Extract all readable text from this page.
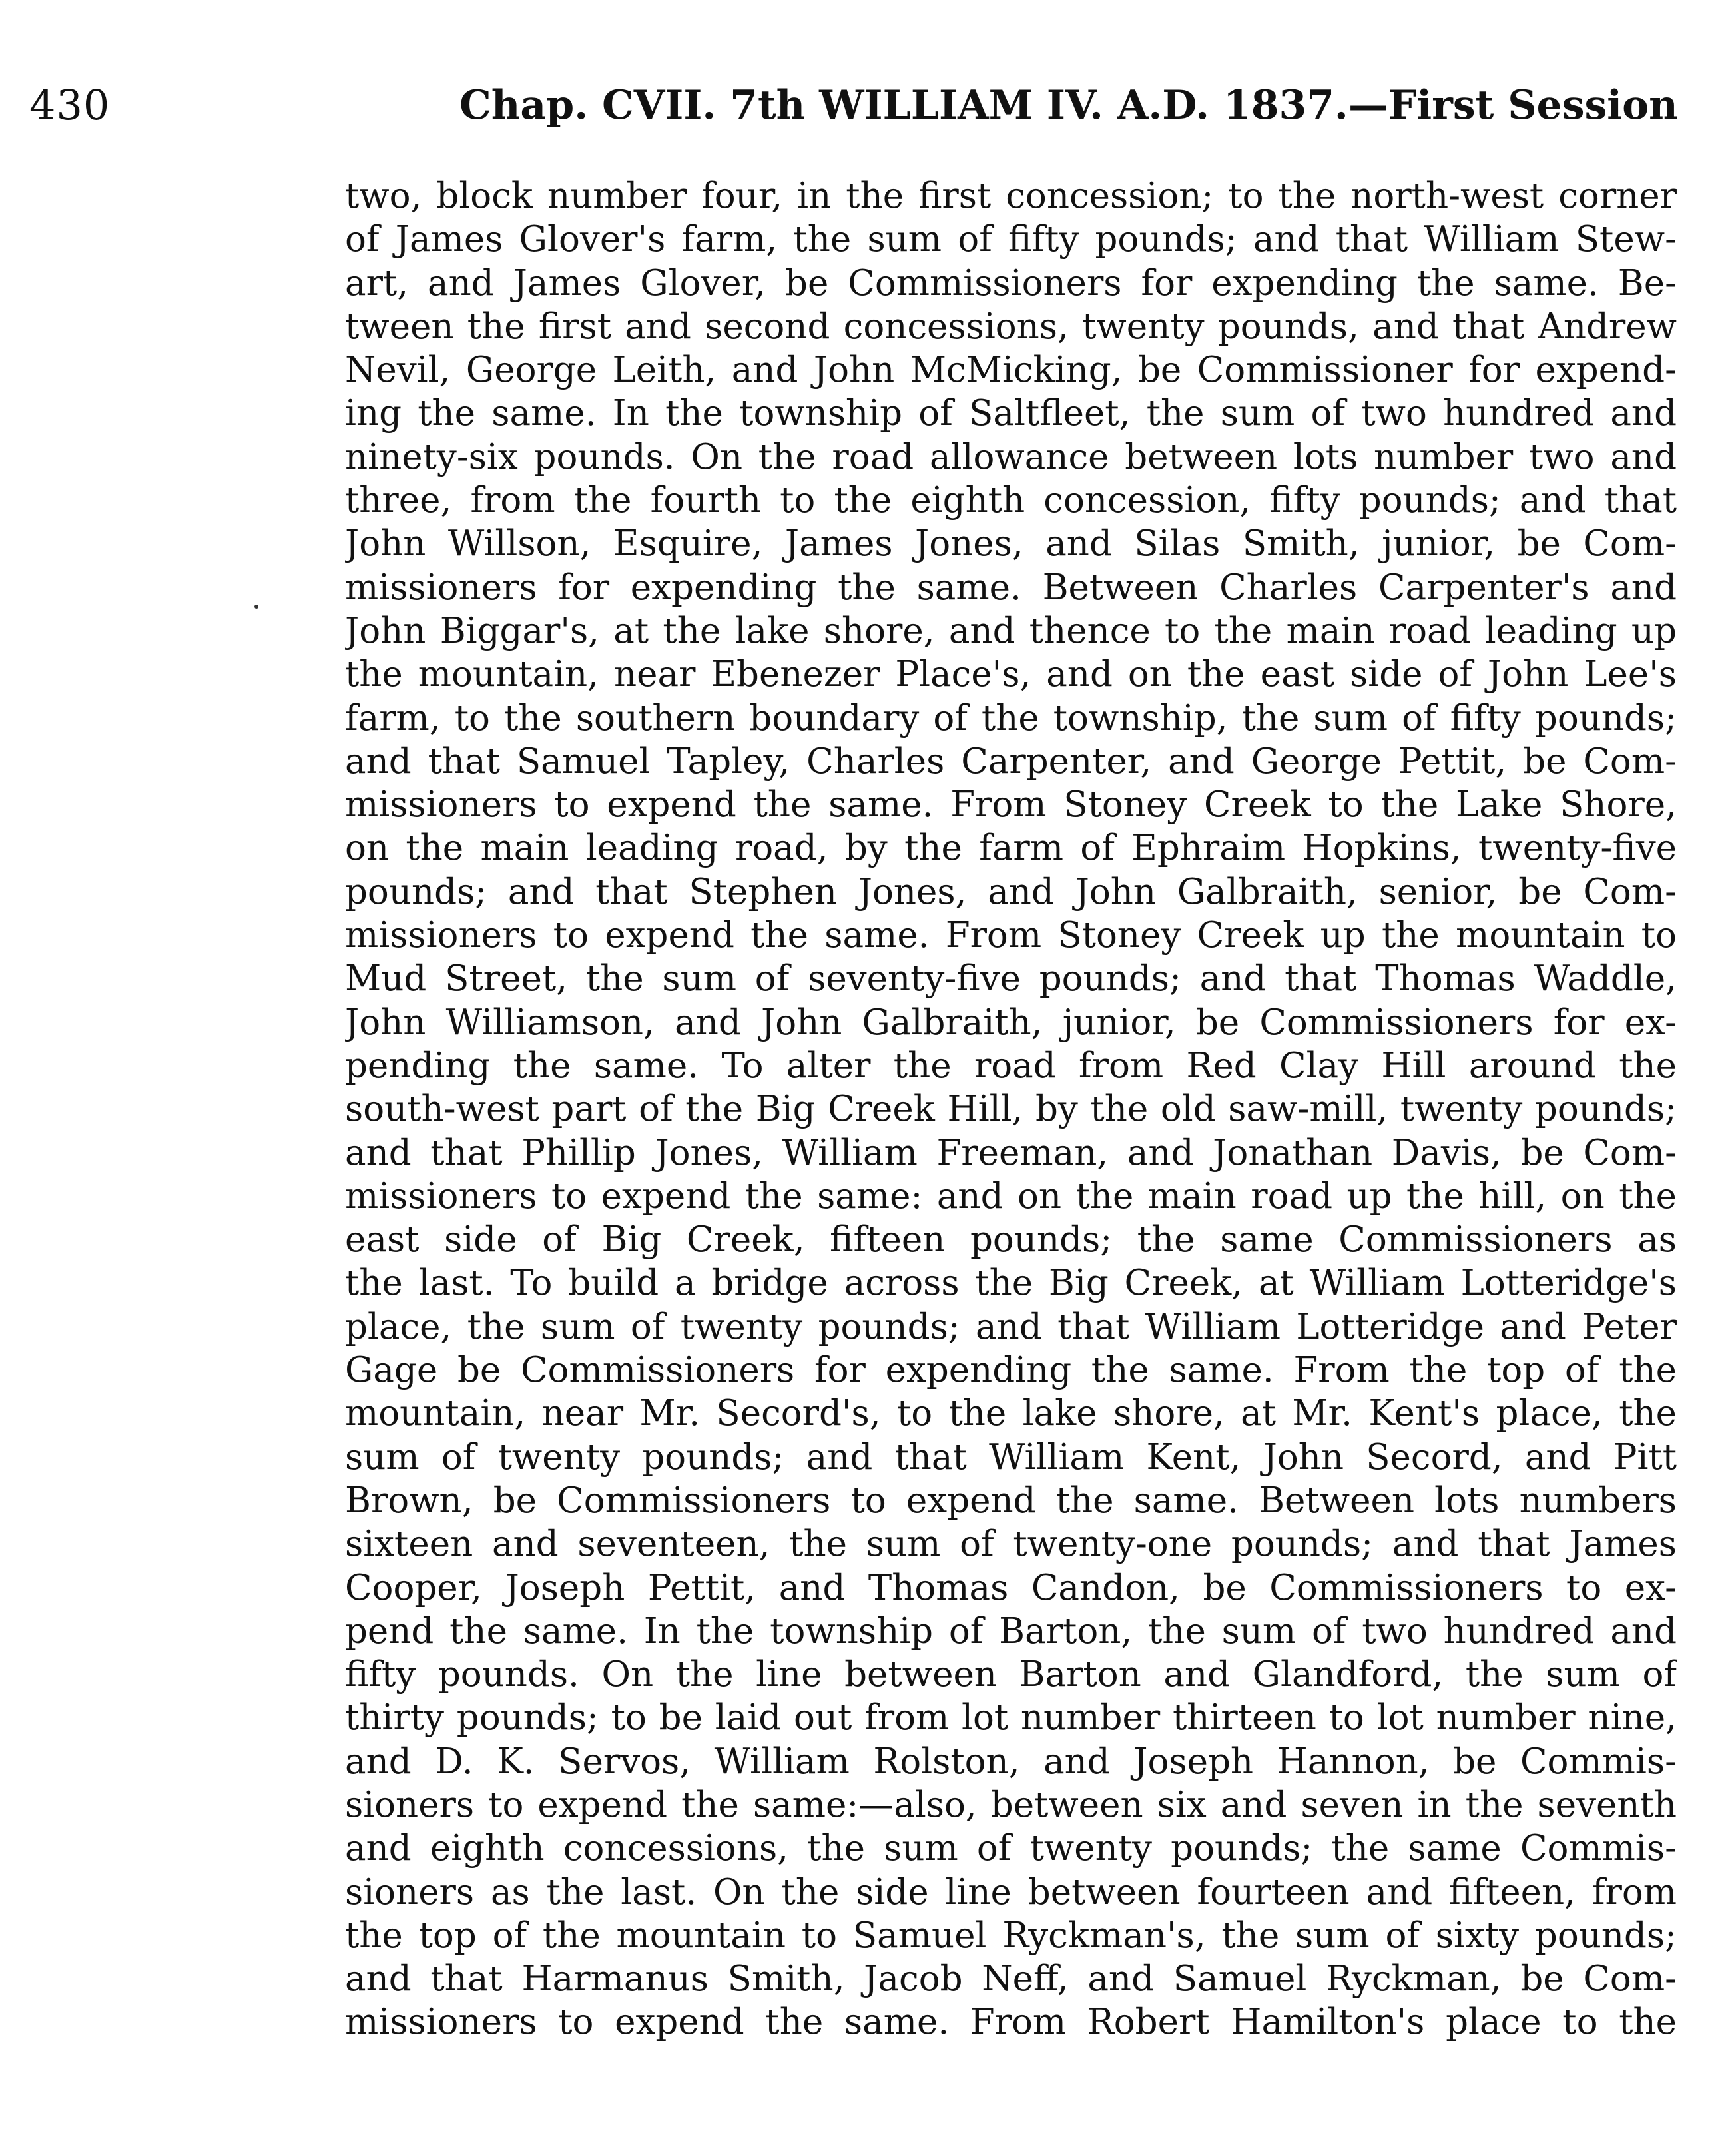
430	Chap. CVII. 7th WILLIAM IV. A.D. 1837.—First Session
two, block number four, in the first concession; to the north-west corner
of James Glover's farm, the sum of fifty pounds; and that William Stew-
art, and James Glover, be Commissioners for expending the same. Be-
tween the first and second concessions, twenty pounds, and that Andrew
Nevil, George Leith, and John McMicking, be Commissioner for expend-
ing the same. In the township of Saltfleet, the sum of two hundred and
ninety-six pounds. On the road allowance between lots number two and
three, from the fourth to the eighth concession, fifty pounds; and that
John Willson, Esquire, James Jones, and Silas Smith, junior, be Com-
missioners for expending the same. Between Charles Carpenter's and
John Biggar's, at the lake shore, and thence to the main road leading up
the mountain, near Ebenezer Place's, and on the east side of John Lee's
farm, to the southern boundary of the township, the sum of fifty pounds;
and that Samuel Tapley, Charles Carpenter, and George Pettit, be Com-
missioners to expend the same. From Stoney Creek to the Lake Shore,
on the main leading road, by the farm of Ephraim Hopkins, twenty-five
pounds; and that Stephen Jones, and John Galbraith, senior, be Com-
missioners to expend the same. From Stoney Creek up the mountain to
Mud Street, the sum of seventy-five pounds; and that Thomas Waddle,
John Williamson, and John Galbraith, junior, be Commissioners for ex-
pending the same. To alter the road from Red Clay Hill around the
south-west part of the Big Creek Hill, by the old saw-mill, twenty pounds;
and that Phillip Jones, William Freeman, and Jonathan Davis, be Com-
missioners to expend the same: and on the main road up the hill, on the
east side of Big Creek, fifteen pounds; the same Commissioners as
the last. To build a bridge across the Big Creek, at William Lotteridge's
place, the sum of twenty pounds; and that William Lotteridge and Peter
Gage be Commissioners for expending the same. From the top of the
mountain, near Mr. Secord's, to the lake shore, at Mr. Kent's place, the
sum of twenty pounds; and that William Kent, John Secord, and Pitt
Brown, be Commissioners to expend the same. Between lots numbers
sixteen and seventeen, the sum of twenty-one pounds; and that James
Cooper, Joseph Pettit, and Thomas Candon, be Commissioners to ex-
pend the same. In the township of Barton, the sum of two hundred and
fifty pounds. On the line between Barton and Glandford, the sum of
thirty pounds; to be laid out from lot number thirteen to lot number nine,
and D. K. Servos, William Rolston, and Joseph Hannon, be Commis-
sioners to expend the same:—also, between six and seven in the seventh
and eighth concessions, the sum of twenty pounds; the same Commis-
sioners as the last. On the side line between fourteen and fifteen, from
the top of the mountain to Samuel Ryckman's, the sum of sixty pounds;
and that Harmanus Smith, Jacob Neff, and Samuel Ryckman, be Com-
missioners to expend the same. From Robert Hamilton's place to the
